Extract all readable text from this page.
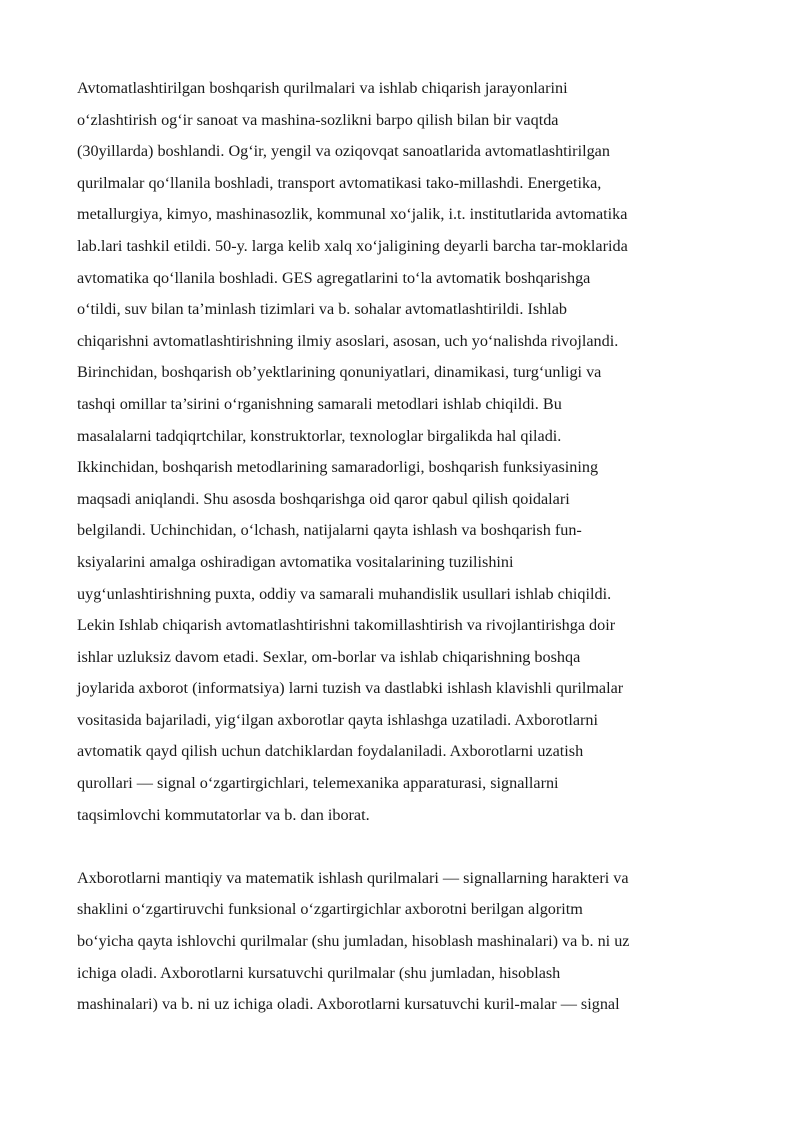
Avtomatlashtirilgan boshqarish qurilmalari va ishlab chiqarish jarayonlarini
o‘zlashtirish og‘ir sanoat va mashina-sozlikni barpo qilish bilan bir vaqtda
(30yillarda) boshlandi. Og‘ir, yengil va oziqovqat sanoatlarida avtomatlashtirilgan
qurilmalar qo‘llanila boshladi, transport avtomatikasi tako-millashdi. Energetika,
metallurgiya, kimyo, mashinasozlik, kommunal xo‘jalik, i.t. institutlarida avtomatika
lab.lari tashkil etildi. 50-y. larga kelib xalq xo‘jaligining deyarli barcha tar-moklarida
avtomatika qo‘llanila boshladi. GES agregatlarini to‘la avtomatik boshqarishga
o‘tildi, suv bilan ta’minlash tizimlari va b. sohalar avtomatlashtirildi. Ishlab
chiqarishni avtomatlashtirishning ilmiy asoslari, asosan, uch yo‘nalishda rivojlandi.
Birinchidan, boshqarish ob’yektlarining qonuniyatlari, dinamikasi, turg‘unligi va
tashqi omillar ta’sirini o‘rganishning samarali metodlari ishlab chiqildi. Bu
masalalarni tadqiqrtchilar, konstruktorlar, texnologlar birgalikda hal qiladi.
Ikkinchidan, boshqarish metodlarining samaradorligi, boshqarish funksiyasining
maqsadi aniqlandi. Shu asosda boshqarishga oid qaror qabul qilish qoidalari
belgilandi. Uchinchidan, o‘lchash, natijalarni qayta ishlash va boshqarish fun-
ksiyalarini amalga oshiradigan avtomatika vositalarining tuzilishini
uyg‘unlashtirishning puxta, oddiy va samarali muhandislik usullari ishlab chiqildi.
Lekin Ishlab chiqarish avtomatlashtirishni takomillashtirish va rivojlantirishga doir
ishlar uzluksiz davom etadi. Sexlar, om-borlar va ishlab chiqarishning boshqa
joylarida axborot (informatsiya) larni tuzish va dastlabki ishlash klavishli qurilmalar
vositasida bajariladi, yig‘ilgan axborotlar qayta ishlashga uzatiladi. Axborotlarni
avtomatik qayd qilish uchun datchiklardan foydalaniladi. Axborotlarni uzatish
qurollari — signal o‘zgartirgichlari, telemexanika apparaturasi, signallarni
taqsimlovchi kommutatorlar va b. dan iborat.
Axborotlarni mantiqiy va matematik ishlash qurilmalari — signallarning harakteri va
shaklini o‘zgartiruvchi funksional o‘zgartirgichlar axborotni berilgan algoritm
bo‘yicha qayta ishlovchi qurilmalar (shu jumladan, hisoblash mashinalari) va b. ni uz
ichiga oladi. Axborotlarni kursatuvchi qurilmalar (shu jumladan, hisoblash
mashinalari) va b. ni uz ichiga oladi. Axborotlarni kursatuvchi kuril-malar — signal
